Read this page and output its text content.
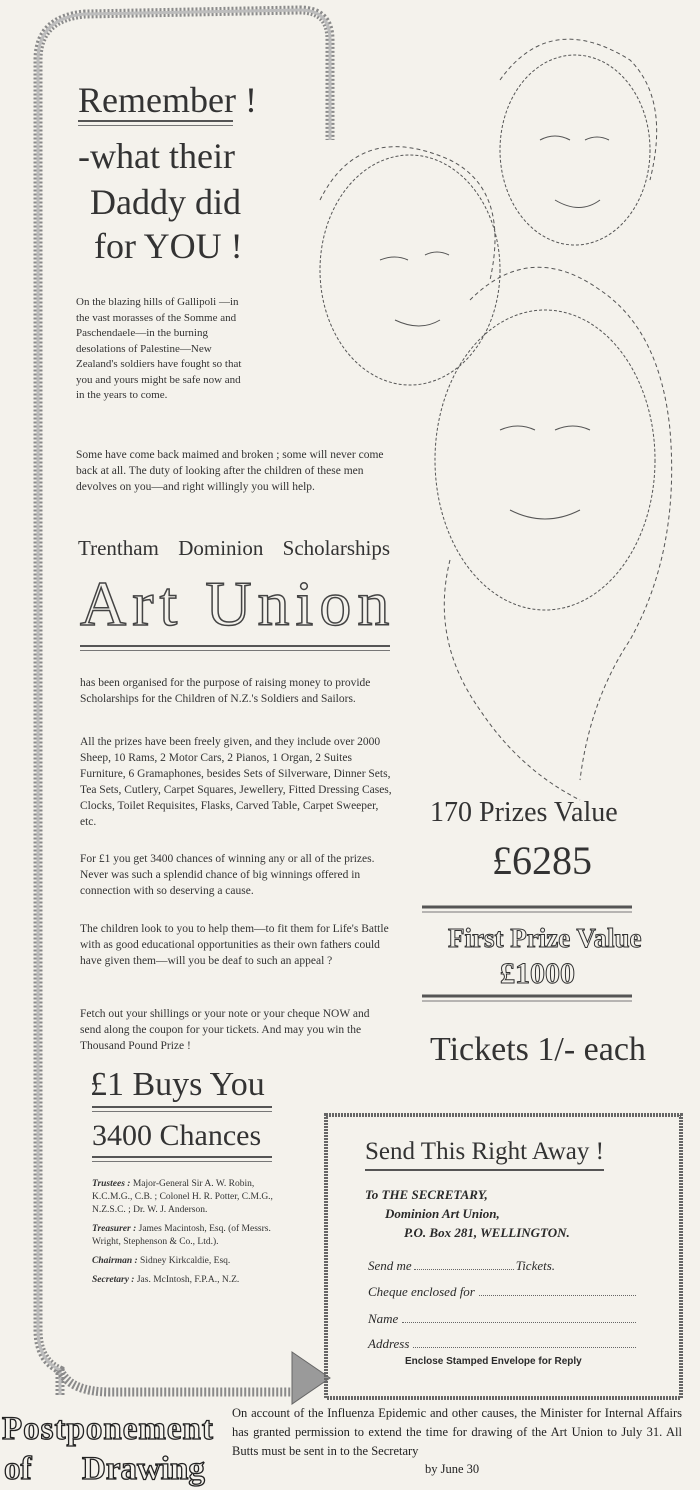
Remember !
-what their
Daddy did
for YOU !

On the blazing hills of Gallipoli —in the vast morasses of the Somme and Paschendaele—in the burning desolations of Palestine—New Zealand's soldiers have fought so that you and yours might be safe now and in the years to come.

Some have come back maimed and broken ; some will never come back at all. The duty of looking after the children of these men devolves on you—and right willingly you will help.

Trentham Dominion Scholarships
Art Union

has been organised for the purpose of raising money to provide Scholarships for the Children of N.Z.'s Soldiers and Sailors.

All the prizes have been freely given, and they include over 2000 Sheep, 10 Rams, 2 Motor Cars, 2 Pianos, 1 Organ, 2 Suites Furniture, 6 Gramaphones, besides Sets of Silverware, Dinner Sets, Tea Sets, Cutlery, Carpet Squares, Jewellery, Fitted Dressing Cases, Clocks, Toilet Requisites, Flasks, Carved Table, Carpet Sweeper, etc.

For £1 you get 3400 chances of winning any or all of the prizes. Never was such a splendid chance of big winnings offered in connection with so deserving a cause.

The children look to you to help them—to fit them for Life's Battle with as good educational opportunities as their own fathers could have given them—will you be deaf to such an appeal ?

Fetch out your shillings or your note or your cheque NOW and send along the coupon for your tickets. And may you win the Thousand Pound Prize !

£1 Buys You
3400 Chances
Trustees : Major-General Sir A. W. Robin, K.C.M.G., C.B. ; Colonel H. R. Potter, C.M.G., N.Z.S.C. ; Dr. W. J. Anderson.
Treasurer : James Macintosh, Esq. (of Messrs. Wright, Stephenson & Co., Ltd.).
Chairman : Sidney Kirkcaldie, Esq.
Secretary : Jas. McIntosh, F.P.A., N.Z.
170 Prizes Value
£6285
First Prize Value
£1000
Tickets 1/- each
Send This Right Away !
To THE SECRETARY,
Dominion Art Union,
P.O. Box 281, WELLINGTON.
Send me	Tickets.
Cheque enclosed for
Name
Address
Enclose Stamped Envelope for Reply
Postponement
of Drawing

On account of the Influenza Epidemic and other causes, the Minister for Internal Affairs has granted permission to extend the time for drawing of the Art Union to July 31. All Butts must be sent in to the Secretary

by June 30
